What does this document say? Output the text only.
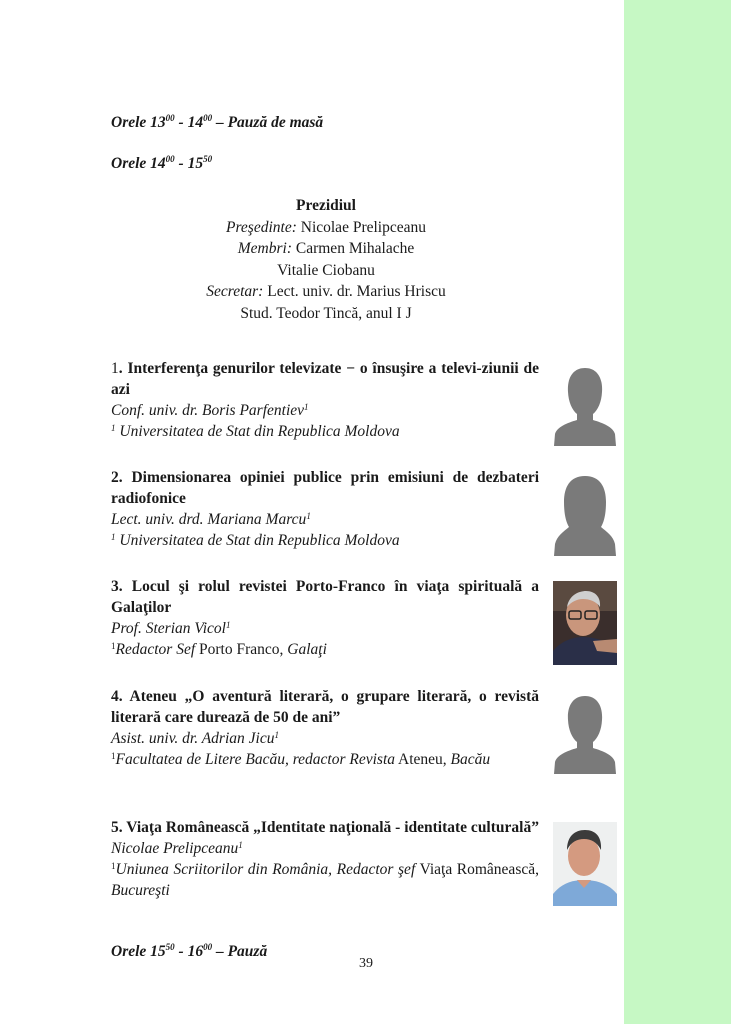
Orele $13^{00} - 14^{00}$ – Pauză de masă
Orele $14^{00} - 15^{50}$
Prezidiul
Preşedinte: Nicolae Prelipceanu
Membri: Carmen Mihalache
Vitalie Ciobanu
Secretar: Lect. univ. dr. Marius Hriscu
Stud. Teodor Tincă, anul I J
1. Interferenţa genurilor televizate − o însuşire a televi-ziunii de azi
Conf. univ. dr. Boris Parfentiev$^1$
$^1$ Universitatea de Stat din Republica Moldova
2. Dimensionarea opiniei publice prin emisiuni de dezbateri radiofonice
Lect. univ. drd. Mariana Marcu$^1$
$^1$ Universitatea de Stat din Republica Moldova
3. Locul şi rolul revistei Porto-Franco în viaţa spirituală a Galaţilor
Prof. Sterian Vicol$^1$
$^1$Redactor Sef Porto Franco, Galaţi
4. Ateneu „O aventură literară, o grupare literară, o revistă literară care durează de 50 de ani”
Asist. univ. dr. Adrian Jicu$^1$
$^1$Facultatea de Litere Bacău, redactor Revista Ateneu, Bacău
5. Viaţa Românească „Identitate naţională - identitate culturală”
Nicolae Prelipceanu$^1$
$^1$Uniunea Scriitorilor din România, Redactor şef Viaţa Românească, Bucureşti
Orele $15^{50} - 16^{00}$ – Pauză
39
